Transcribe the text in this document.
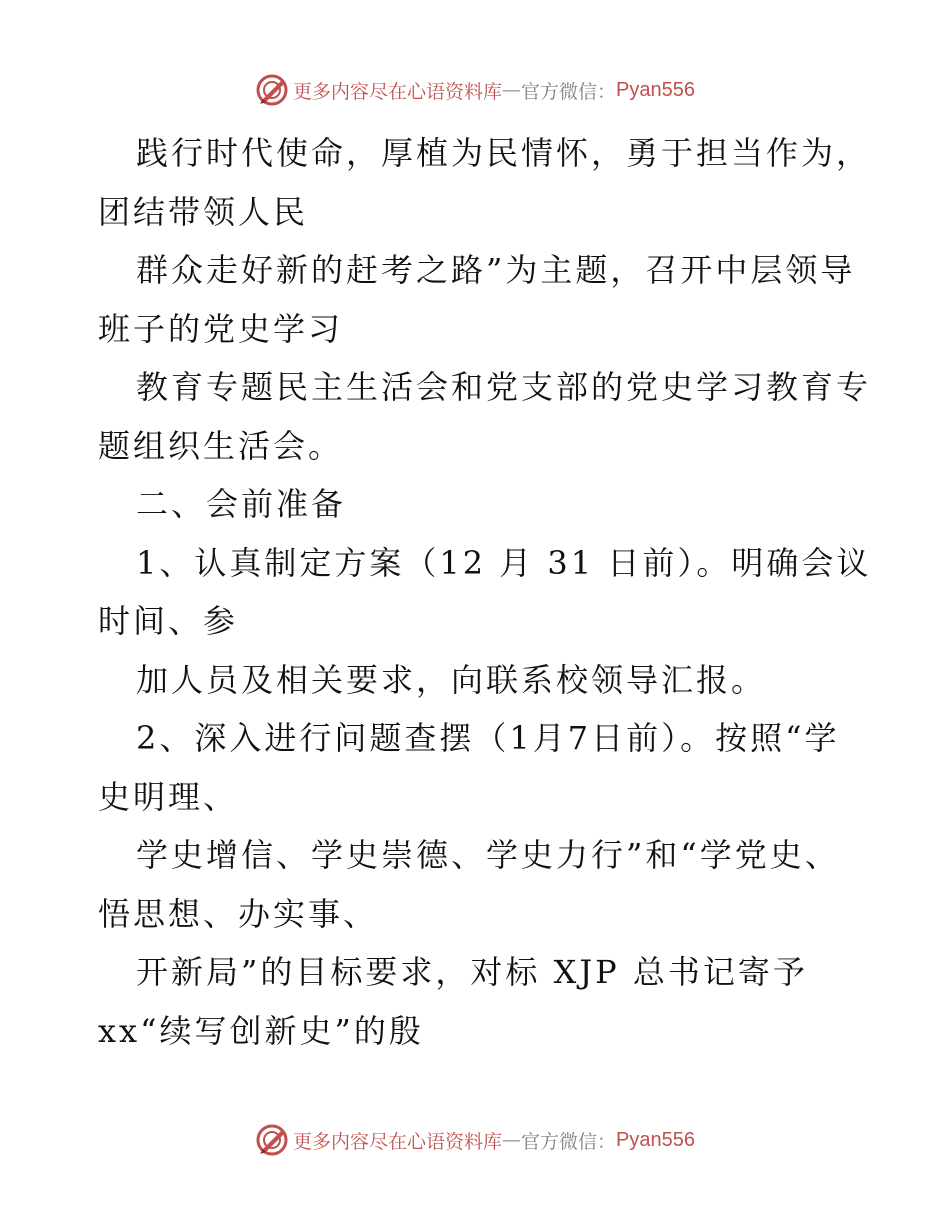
更多内容尽在心语资料库 — 官方微信： Pyan556
践行时代使命，厚植为民情怀，勇于担当作为，
团结带领人民
群众走好新的赶考之路”为主题，召开中层领导
班子的党史学习
教育专题民主生活会和党支部的党史学习教育专
题组织生活会。
二、会前准备
1、认真制定方案（12 月 31 日前）。明确会议
时间、参
加人员及相关要求，向联系校领导汇报。
2、深入进行问题查摆（1月7日前）。按照“学
史明理、
学史增信、学史崇德、学史力行”和“学党史、
悟思想、办实事、
开新局”的目标要求，对标 XJP 总书记寄予
xx“续写创新史”的殷
更多内容尽在心语资料库 — 官方微信： Pyan556
